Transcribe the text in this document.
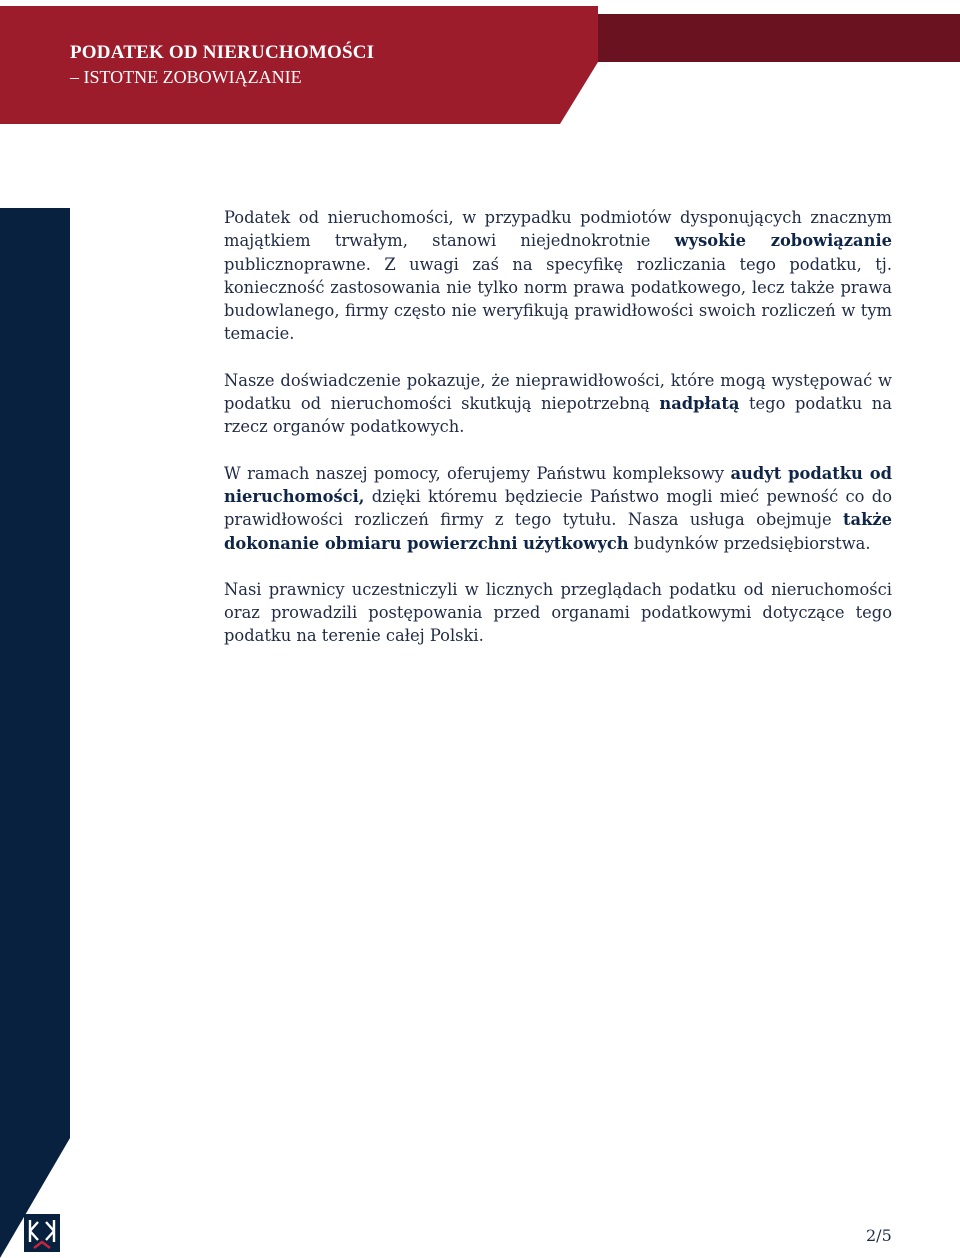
PODATEK OD NIERUCHOMOŚCI
– ISTOTNE ZOBOWIĄZANIE

Podatek od nieruchomości, w przypadku podmiotów dysponujących znacznym majątkiem trwałym, stanowi niejednokrotnie wysokie zobowiązanie publicznoprawne. Z uwagi zaś na specyfikę rozliczania tego podatku, tj. konieczność zastosowania nie tylko norm prawa podatkowego, lecz także prawa budowlanego, firmy często nie weryfikują prawidłowości swoich rozliczeń w tym temacie.

Nasze doświadczenie pokazuje, że nieprawidłowości, które mogą występować w podatku od nieruchomości skutkują niepotrzebną nadpłatą tego podatku na rzecz organów podatkowych.

W ramach naszej pomocy, oferujemy Państwu kompleksowy audyt podatku od nieruchomości, dzięki któremu będziecie Państwo mogli mieć pewność co do prawidłowości rozliczeń firmy z tego tytułu. Nasza usługa obejmuje także dokonanie obmiaru powierzchni użytkowych budynków przedsiębiorstwa.

Nasi prawnicy uczestniczyli w licznych przeglądach podatku od nieruchomości oraz prowadzili postępowania przed organami podatkowymi dotyczące tego podatku na terenie całej Polski.

2/5
